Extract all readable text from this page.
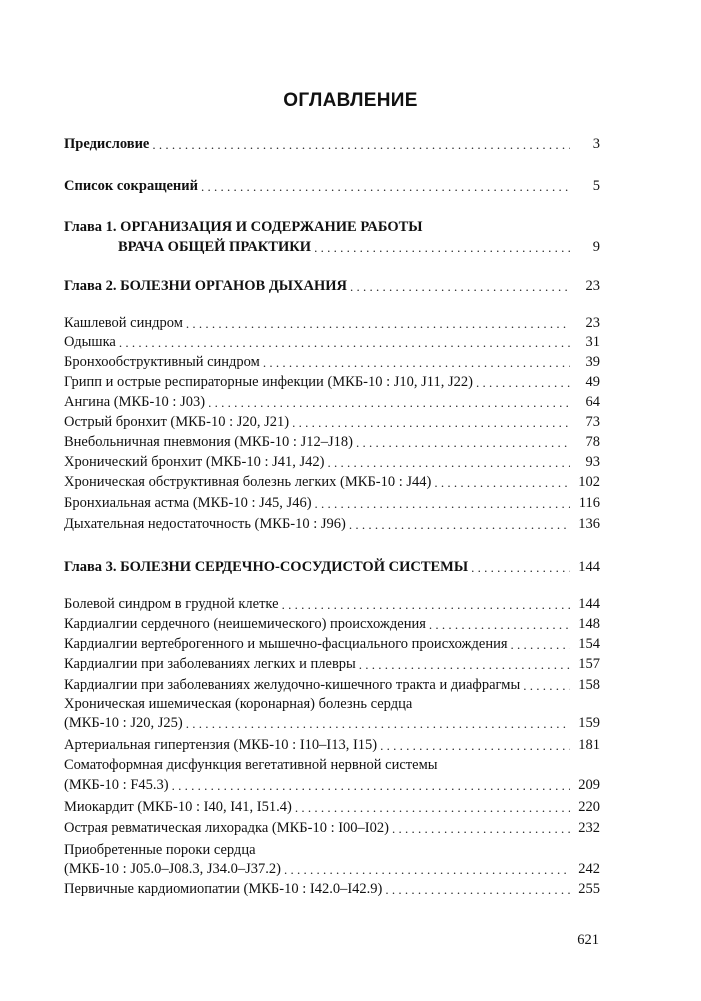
ОГЛАВЛЕНИЕ
Предисловие . . .	3
Список сокращений . . .	5
Глава 1. ОРГАНИЗАЦИЯ И СОДЕРЖАНИЕ РАБОТЫ
ВРАЧА ОБЩЕЙ ПРАКТИКИ . . .	9
Глава 2. БОЛЕЗНИ ОРГАНОВ ДЫХАНИЯ . . .	23
Кашлевой синдром . . .	23
Одышка . . .	31
Бронхообструктивный синдром . . .	39
Грипп и острые респираторные инфекции (МКБ-10 : J10, J11, J22) . . .	49
Ангина (МКБ-10 : J03) . . .	64
Острый бронхит (МКБ-10 : J20, J21) . . .	73
Внебольничная пневмония (МКБ-10 : J12–J18) . . .	78
Хронический бронхит (МКБ-10 : J41, J42) . . .	93
Хроническая обструктивная болезнь легких (МКБ-10 : J44) . . .	102
Бронхиальная астма (МКБ-10 : J45, J46) . . .	116
Дыхательная недостаточность (МКБ-10 : J96) . . .	136
Глава 3. БОЛЕЗНИ СЕРДЕЧНО-СОСУДИСТОЙ СИСТЕМЫ . . .	144
Болевой синдром в грудной клетке . . .	144
Кардиалгии сердечного (неишемического) происхождения . . .	148
Кардиалгии вертеброгенного и мышечно-фасциального происхождения . . .	154
Кардиалгии при заболеваниях легких и плевры . . .	157
Кардиалгии при заболеваниях желудочно-кишечного тракта и диафрагмы . . .	158
Хроническая ишемическая (коронарная) болезнь сердца
(МКБ-10 : J20, J25) . . .	159
Артериальная гипертензия (МКБ-10 : I10–I13, I15) . . .	181
Соматоформная дисфункция вегетативной нервной системы
(МКБ-10 : F45.3) . . .	209
Миокардит (МКБ-10 : I40, I41, I51.4) . . .	220
Острая ревматическая лихорадка (МКБ-10 : I00–I02) . . .	232
Приобретенные пороки сердца
(МКБ-10 : J05.0–J08.3, J34.0–J37.2) . . .	242
Первичные кардиомиопатии (МКБ-10 : I42.0–I42.9) . . .	255
621
